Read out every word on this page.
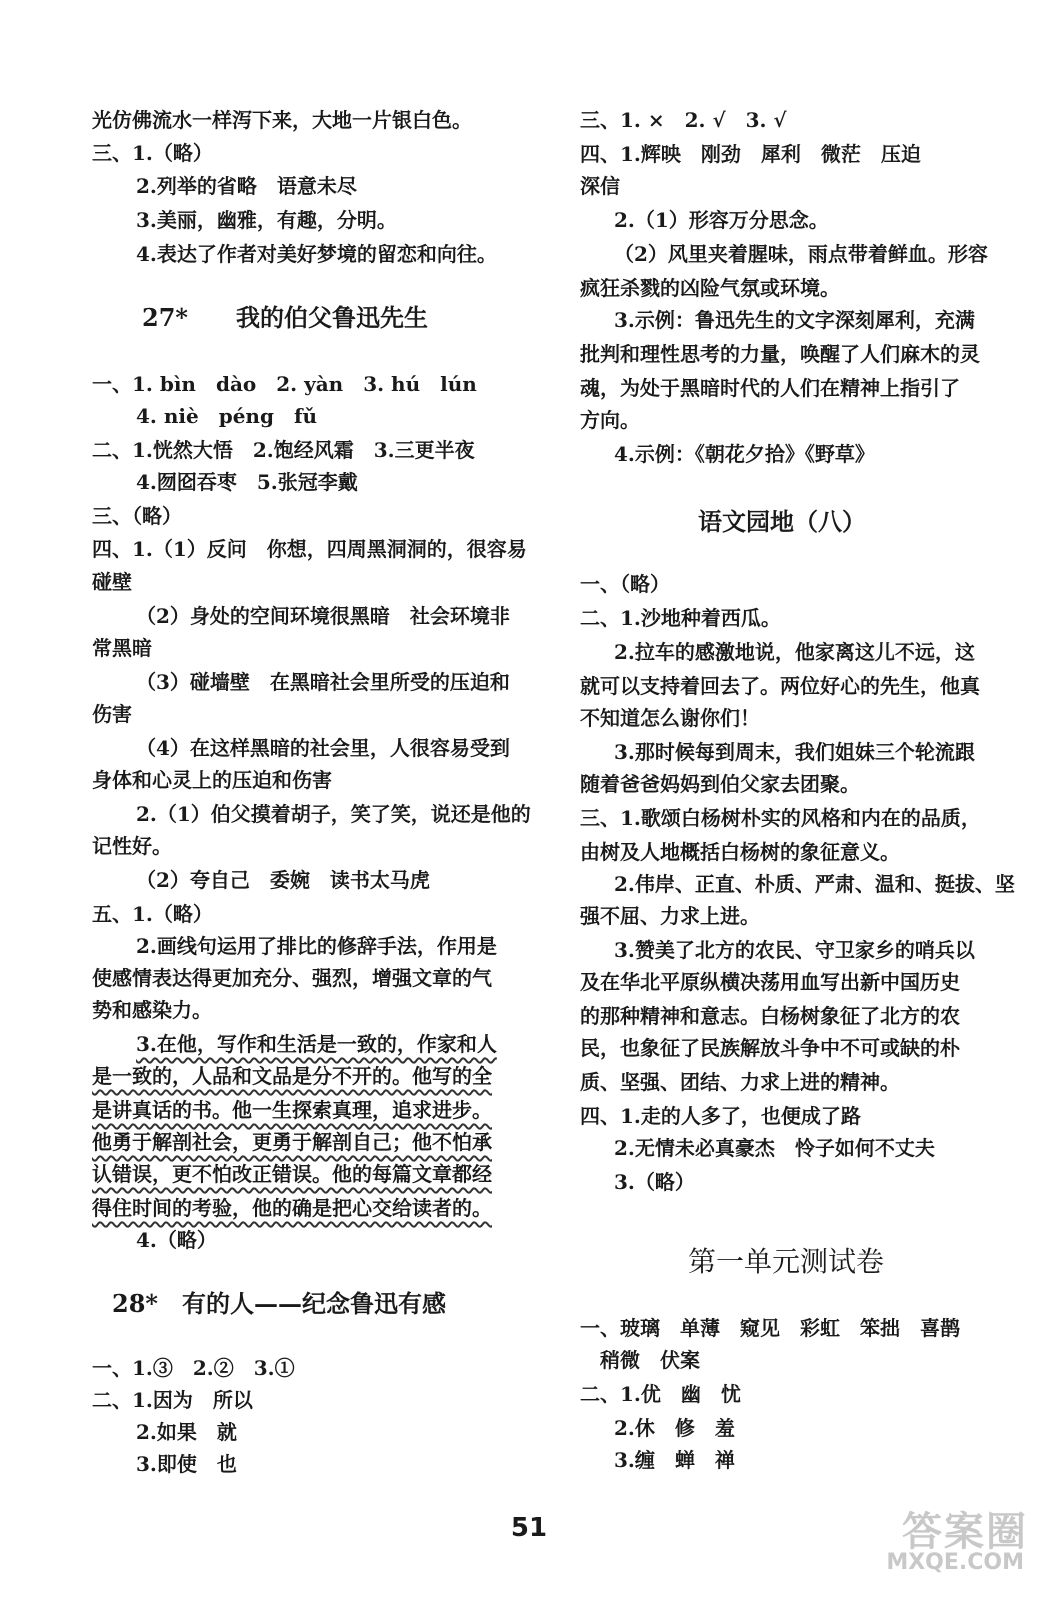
光仿佛流水一样泻下来，大地一片银白色。
三、1.（略）
2.列举的省略　语意未尽
3.美丽，幽雅，有趣，分明。
4.表达了作者对美好梦境的留恋和向往。
27*　　我的伯父鲁迅先生
一、1. bìn　dào　2. yàn　3. hú　lún
4. niè　péng　fǔ
二、1.恍然大悟　2.饱经风霜　3.三更半夜
4.囫囵吞枣　5.张冠李戴
三、（略）
四、1.（1）反问　你想，四周黑洞洞的，很容易
碰壁
（2）身处的空间环境很黑暗　社会环境非
常黑暗
（3）碰墙壁　在黑暗社会里所受的压迫和
伤害
（4）在这样黑暗的社会里，人很容易受到
身体和心灵上的压迫和伤害
2.（1）伯父摸着胡子，笑了笑，说还是他的
记性好。
（2）夸自己　委婉　读书太马虎
五、1.（略）
2.画线句运用了排比的修辞手法，作用是
使感情表达得更加充分、强烈，增强文章的气
势和感染力。
3.在他，写作和生活是一致的，作家和人
是一致的，人品和文品是分不开的。他写的全
是讲真话的书。他一生探索真理，追求进步。
他勇于解剖社会，更勇于解剖自己；他不怕承
认错误，更不怕改正错误。他的每篇文章都经
得住时间的考验，他的确是把心交给读者的。
4.（略）
28*　有的人——纪念鲁迅有感
一、1.③　2.②　3.①
二、1.因为　所以
2.如果　就
3.即使　也
三、1. ×　2. √　3. √
四、1.辉映　刚劲　犀利　微茫　压迫
深信
2.（1）形容万分思念。
（2）风里夹着腥味，雨点带着鲜血。形容
疯狂杀戮的凶险气氛或环境。
3.示例：鲁迅先生的文字深刻犀利，充满
批判和理性思考的力量，唤醒了人们麻木的灵
魂，为处于黑暗时代的人们在精神上指引了
方向。
4.示例：《朝花夕拾》《野草》
语文园地（八）
一、（略）
二、1.沙地种着西瓜。
2.拉车的感激地说，他家离这儿不远，这
就可以支持着回去了。两位好心的先生，他真
不知道怎么谢你们！
3.那时候每到周末，我们姐妹三个轮流跟
随着爸爸妈妈到伯父家去团聚。
三、1.歌颂白杨树朴实的风格和内在的品质，
由树及人地概括白杨树的象征意义。
2.伟岸、正直、朴质、严肃、温和、挺拔、坚
强不屈、力求上进。
3.赞美了北方的农民、守卫家乡的哨兵以
及在华北平原纵横决荡用血写出新中国历史
的那种精神和意志。白杨树象征了北方的农
民，也象征了民族解放斗争中不可或缺的朴
质、坚强、团结、力求上进的精神。
四、1.走的人多了，也便成了路
2.无情未必真豪杰　怜子如何不丈夫
3.（略）
第一单元测试卷
一、玻璃　单薄　窥见　彩虹　笨拙　喜鹊
稍微　伏案
二、1.优　幽　忧
2.休　修　羞
3.缠　蝉　禅
51	答案圈
MXQE.COM
